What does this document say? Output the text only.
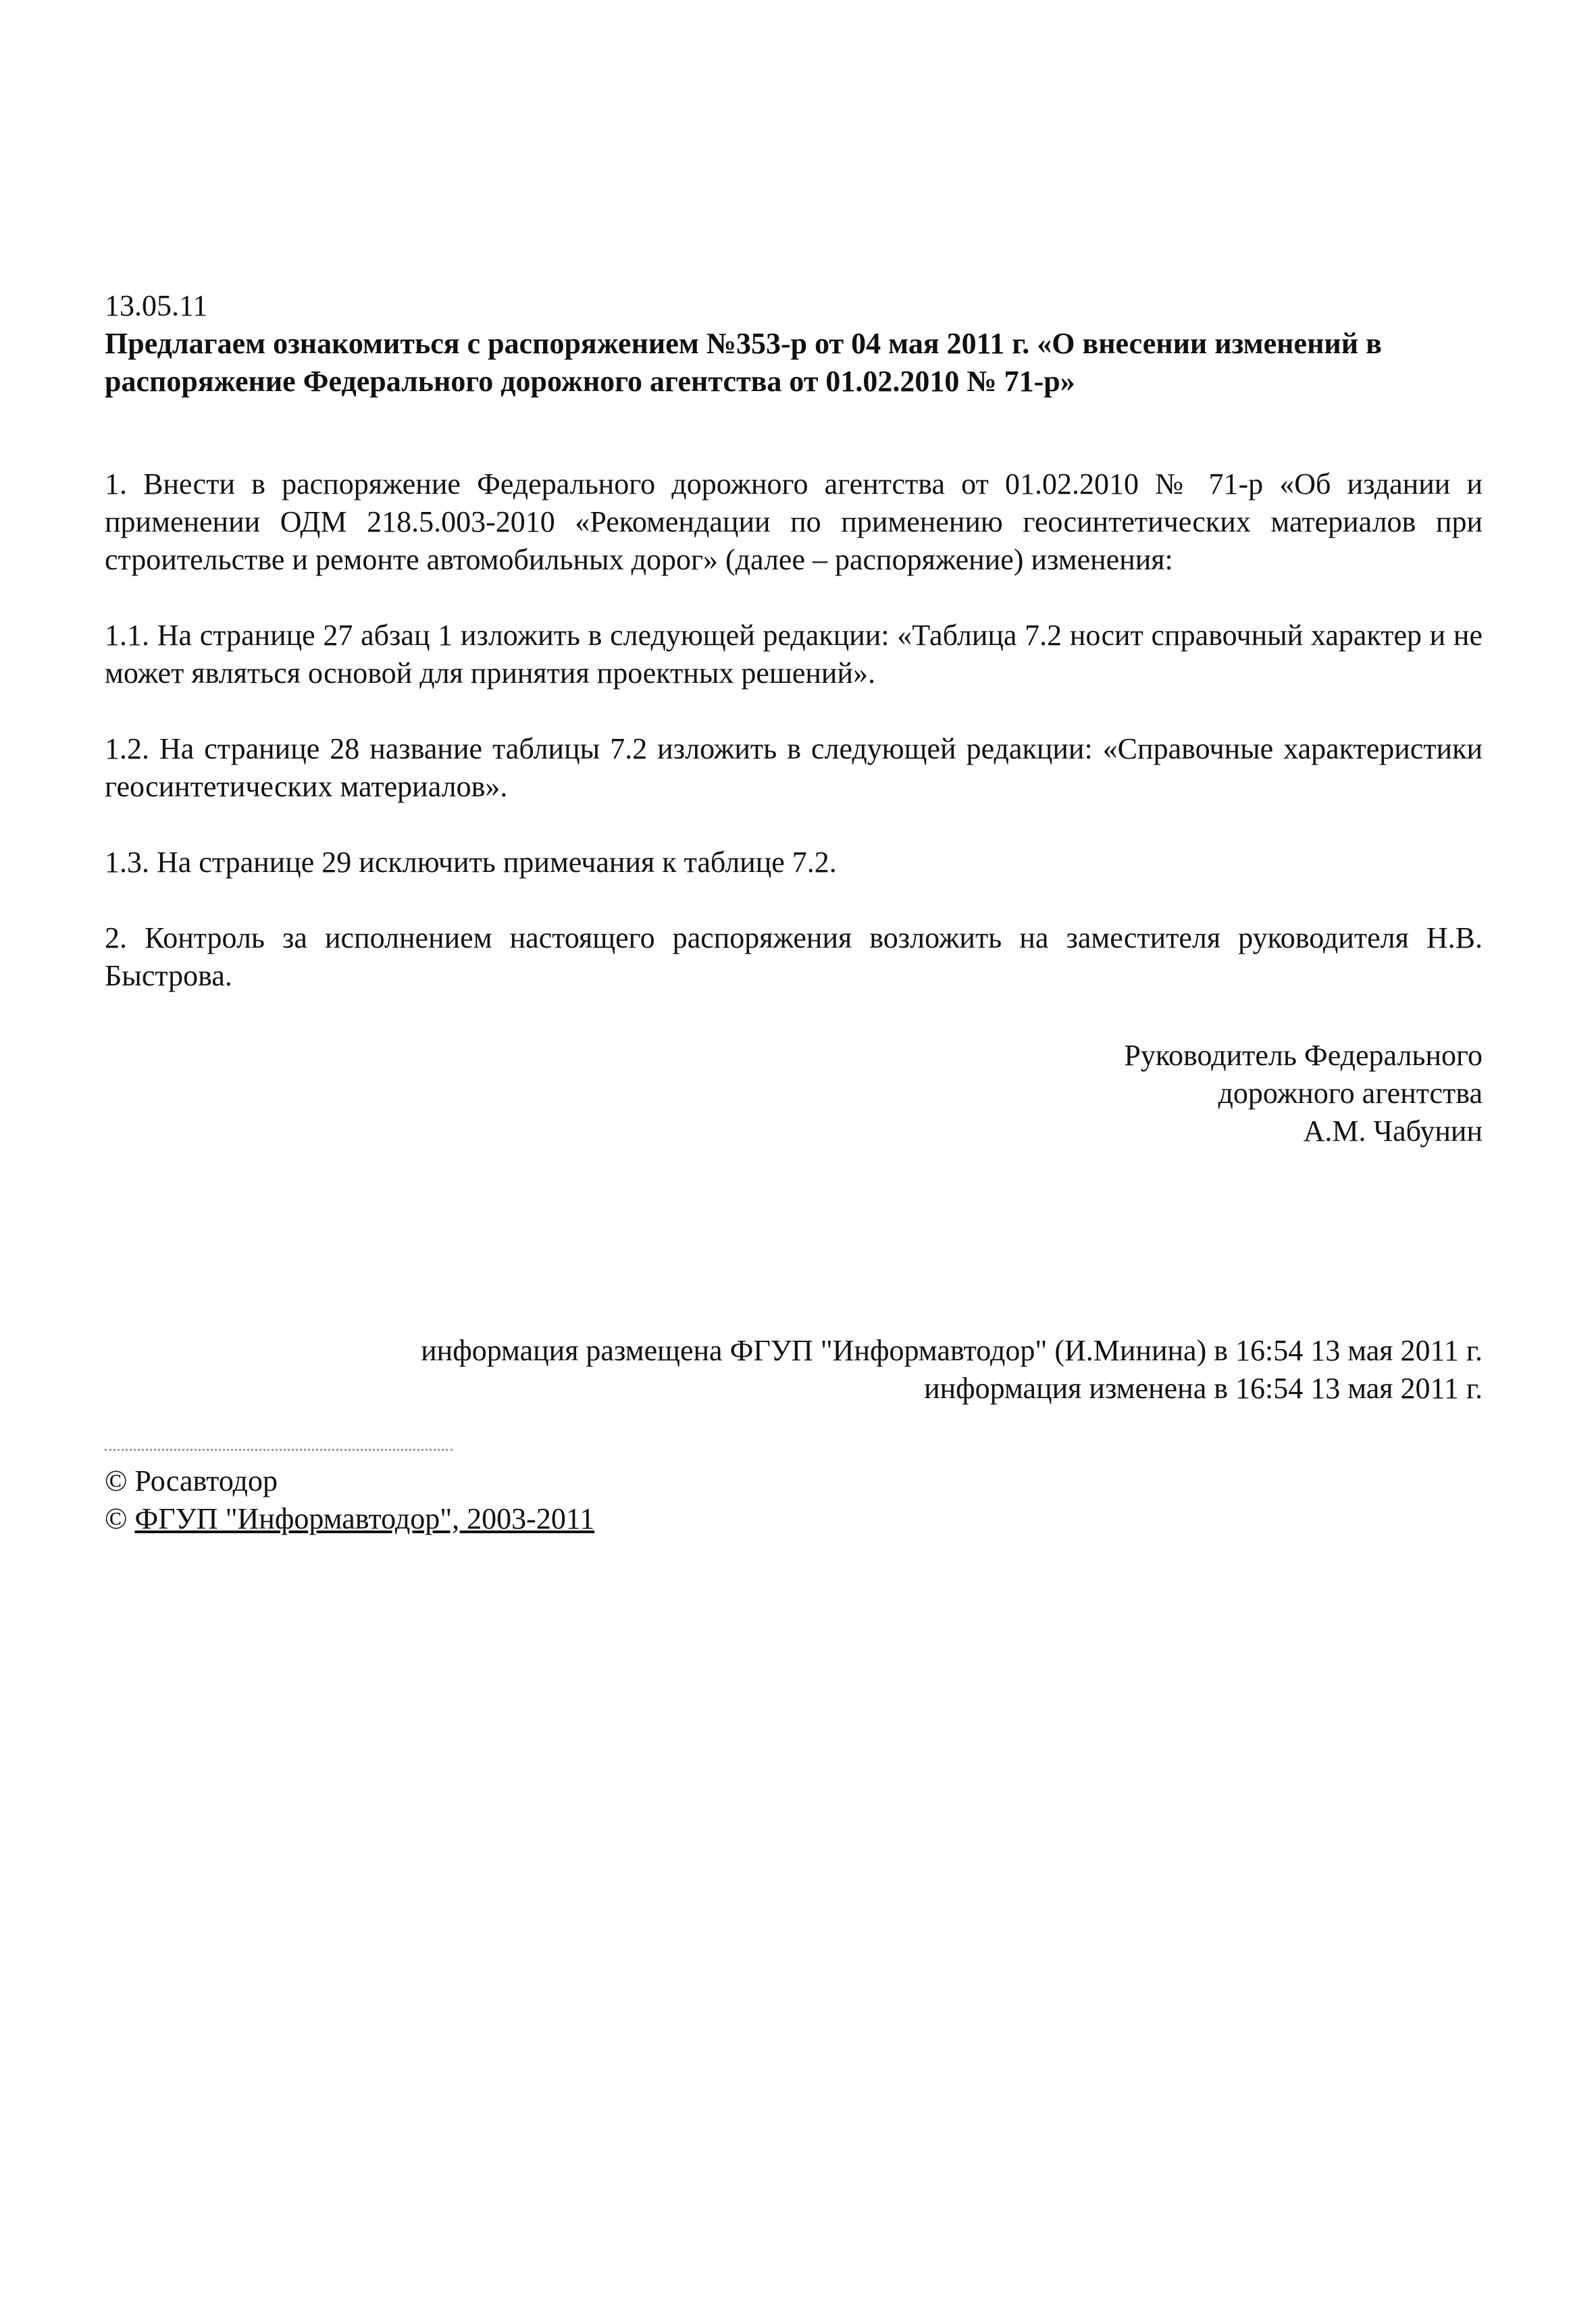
13.05.11

Предлагаем ознакомиться с распоряжением №353-р от 04 мая 2011 г. «О внесении изменений в распоряжение Федерального дорожного агентства от 01.02.2010 № 71-р»

1. Внести в распоряжение Федерального дорожного агентства от 01.02.2010 № 71-р «Об издании и применении ОДМ 218.5.003-2010 «Рекомендации по применению геосинтетических материалов при строительстве и ремонте автомобильных дорог» (далее – распоряжение) изменения:

1.1. На странице 27 абзац 1 изложить в следующей редакции: «Таблица 7.2 носит справочный характер и не может являться основой для принятия проектных решений».

1.2. На странице 28 название таблицы 7.2 изложить в следующей редакции: «Справочные характеристики геосинтетических материалов».

1.3. На странице 29 исключить примечания к таблице 7.2.

2. Контроль за исполнением настоящего распоряжения возложить на заместителя руководителя Н.В. Быстрова.

Руководитель Федерального
дорожного агентства
А.М. Чабунин
информация размещена ФГУП "Информавтодор" (И.Минина) в 16:54 13 мая 2011 г.
информация изменена в 16:54 13 мая 2011 г.
© Росавтодор
© ФГУП "Информавтодор", 2003-2011
